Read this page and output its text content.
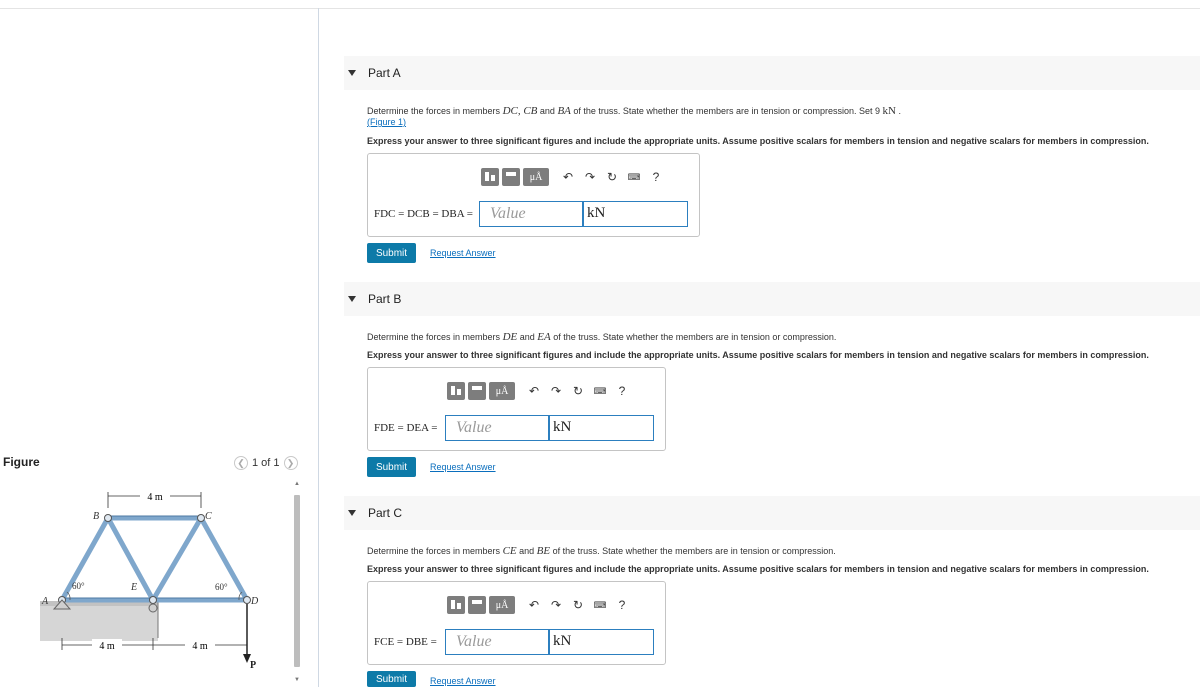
Figure	❮ 1 of 1 ❯
4 m
4 m	4 m
A
B	C
D
E
60°	60°
P
▲
▼
Part A
Determine the forces in members DC, CB and BA of the truss. State whether the members are in tension or compression. Set 9 kN .
(Figure 1)
Express your answer to three significant figures and include the appropriate units. Assume positive scalars for members in tension and negative scalars for members in compression.
μÅ	↶ ↷ ↻	⌨	?
FDC = DCB = DBA =	Value	kN
Submit	Request Answer
Part B
Determine the forces in members DE and EA of the truss. State whether the members are in tension or compression.
Express your answer to three significant figures and include the appropriate units. Assume positive scalars for members in tension and negative scalars for members in compression.
μÅ	↶ ↷ ↻	⌨	?
FDE = DEA =	Value	kN
Submit	Request Answer
Part C
Determine the forces in members CE and BE of the truss. State whether the members are in tension or compression.
Express your answer to three significant figures and include the appropriate units. Assume positive scalars for members in tension and negative scalars for members in compression.
μÅ	↶ ↷ ↻	⌨	?
FCE = DBE =	Value	kN
Submit	Request Answer
